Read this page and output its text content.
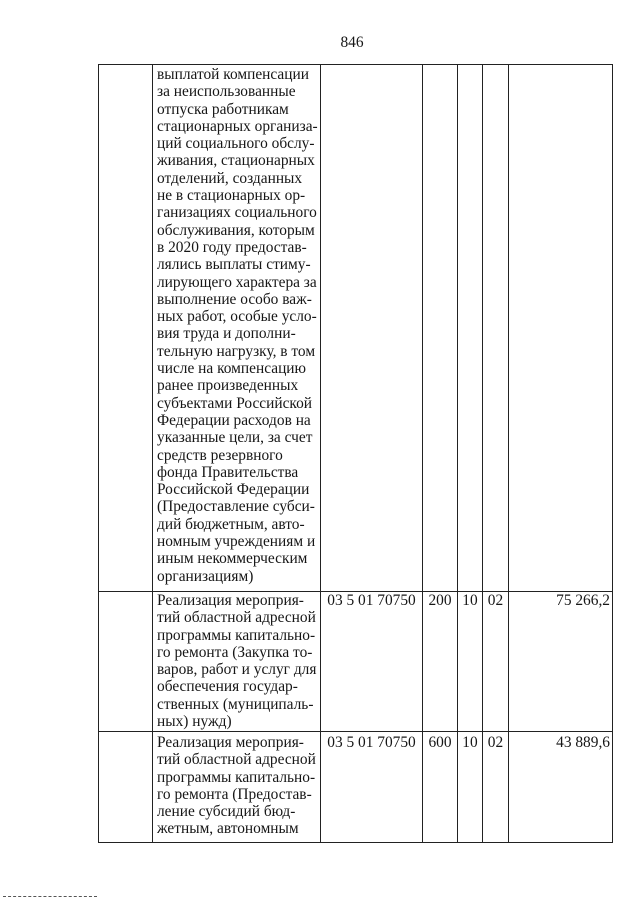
846
выплатой компенсации
за неиспользованные
отпуска работникам
стационарных организа-
ций социального обслу-
живания, стационарных
отделений, созданных
не в стационарных ор-
ганизациях социального
обслуживания, которым
в 2020 году предостав-
лялись выплаты стиму-
лирующего характера за
выполнение особо важ-
ных работ, особые усло-
вия труда и дополни-
тельную нагрузку, в том
числе на компенсацию
ранее произведенных
субъектами Российской
Федерации расходов на
указанные цели, за счет
средств резервного
фонда Правительства
Российской Федерации
(Предоставление субси-
дий бюджетным, авто-
номным учреждениям и
иным некоммерческим
организациям)
Реализация мероприя-
тий областной адресной
программы капитально-
го ремонта (Закупка то-
варов, работ и услуг для
обеспечения государ-
ственных (муниципаль-
ных) нужд)
03 5 01 70750 200 10 02	75 266,2
Реализация мероприя-
тий областной адресной
программы капитально-
го ремонта (Предостав-
ление субсидий бюд-
жетным, автономным
03 5 01 70750 600 10 02	43 889,6
